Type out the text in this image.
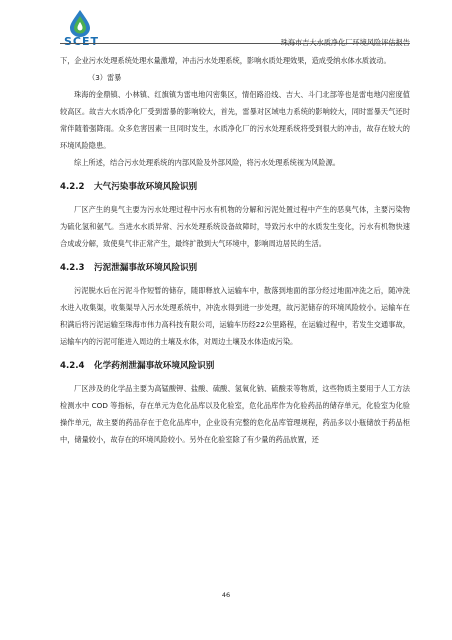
SCET	珠海市吉大水质净化厂环境风险评估报告

下，企业污水处理系统处理水量激增，冲击污水处理系统，影响水质处理效果，造成受纳水体水质波动。

（3）雷暴

珠海的金鼎镇、小林镇、红旗镇为雷电地闪密集区，情侣路沿线、吉大、斗门北部等也是雷电地闪密度值较高区。故吉大水质净化厂受到雷暴的影响较大，首先，雷暴对区域电力系统的影响较大，同时雷暴天气还时常伴随着强降雨。众多危害因素一旦同时发生，水质净化厂的污水处理系统将受到很大的冲击，故存在较大的环境风险隐患。

综上所述，结合污水处理系统的内部风险及外部风险，将污水处理系统视为风险源。

4.2.2	大气污染事故环境风险识别

厂区产生的臭气主要为污水处理过程中污水有机物的分解和污泥处置过程中产生的恶臭气体，主要污染物为硫化氢和氨气。当进水水质异常、污水处理系统设备故障时，导致污水中的水质发生变化，污水有机物快速合成或分解，致使臭气非正常产生，最终扩散到大气环境中，影响周边居民的生活。

4.2.3	污泥泄漏事故环境风险识别

污泥脱水后在污泥斗作短暂的储存，随即释放入运输车中，散落到地面的部分经过地面冲洗之后，随冲洗水进入收集渠，收集渠导入污水处理系统中，冲洗水得到进一步处理，故污泥储存的环境风险较小。运输车在积满后将污泥运输至珠海市伟力高科技有限公司，运输车历经22公里路程，在运输过程中，若发生交通事故，运输车内的污泥可能进入周边的土壤及水体，对周边土壤及水体造成污染。

4.2.4	化学药剂泄漏事故环境风险识别

厂区涉及的化学品主要为高锰酸钾、盐酸、硫酸、氢氧化钠、硫酸汞等物质，这些物质主要用于人工方法检测水中 COD 等指标，存在单元为危化品库以及化验室，危化品库作为化验药品的储存单元，化验室为化验操作单元，故主要的药品存在于危化品库中，企业设有完整的危化品库管理规程，药品多以小瓶储放于药品柜中，储量较小，故存在的环境风险较小。另外在化验室除了有少量的药品放置，还

46
